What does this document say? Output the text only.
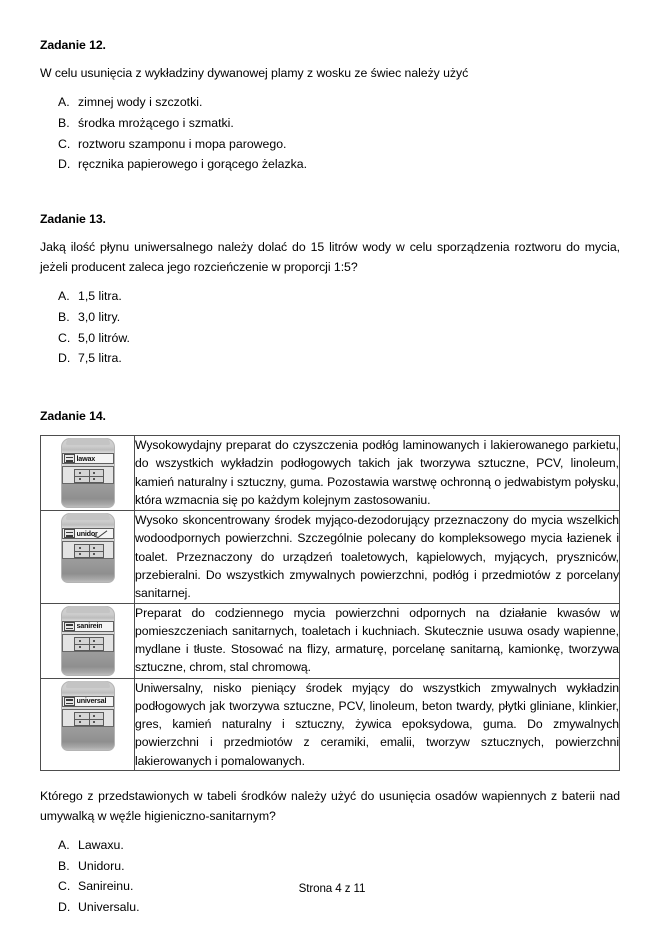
Zadanie 12.

W celu usunięcia z wykładziny dywanowej plamy z wosku ze świec należy użyć

A. zimnej wody i szczotki.
B. środka mrożącego i szmatki.
C. roztworu szamponu i mopa parowego.
D. ręcznika papierowego i gorącego żelazka.
Zadanie 13.

Jaką ilość płynu uniwersalnego należy dolać do 15 litrów wody w celu sporządzenia roztworu do mycia, jeżeli producent zaleca jego rozcieńczenie w proporcji 1:5?

A. 1,5 litra.
B. 3,0 litry.
C. 5,0 litrów.
D. 7,5 litra.
Zadanie 14.
lawax	Wysokowydajny preparat do czyszczenia podłóg laminowanych i lakierowanego parkietu, do wszystkich wykładzin podłogowych takich jak tworzywa sztuczne, PCV, linoleum, kamień naturalny i sztuczny, guma. Pozostawia warstwę ochronną o jedwabistym połysku, która wzmacnia się po każdym kolejnym zastosowaniu.

unidor	Wysoko skoncentrowany środek myjąco-dezodorujący przeznaczony do mycia wszelkich wodoodpornych powierzchni. Szczególnie polecany do kompleksowego mycia łazienek i toalet. Przeznaczony do urządzeń toaletowych, kąpielowych, myjących, pryszniców, przebieralni. Do wszystkich zmywalnych powierzchni, podłóg i przedmiotów z porcelany sanitarnej.

sanirein	Preparat do codziennego mycia powierzchni odpornych na działanie kwasów w pomieszczeniach sanitarnych, toaletach i kuchniach. Skutecznie usuwa osady wapienne, mydlane i tłuste. Stosować na flizy, armaturę, porcelanę sanitarną, kamionkę, tworzywa sztuczne, chrom, stal chromową.

universal	Uniwersalny, nisko pieniący środek myjący do wszystkich zmywalnych wykładzin podłogowych jak tworzywa sztuczne, PCV, linoleum, beton twardy, płytki gliniane, klinkier, gres, kamień naturalny i sztuczny, żywica epoksydowa, guma. Do zmywalnych powierzchni i przedmiotów z ceramiki, emalii, tworzyw sztucznych, powierzchni lakierowanych i pomalowanych.

Którego z przedstawionych w tabeli środków należy użyć do usunięcia osadów wapiennych z baterii nad umywalką w węźle higieniczno-sanitarnym?

A. Lawaxu.
B. Unidoru.
C. Sanireinu.
D. Universalu.
Strona 4 z 11
